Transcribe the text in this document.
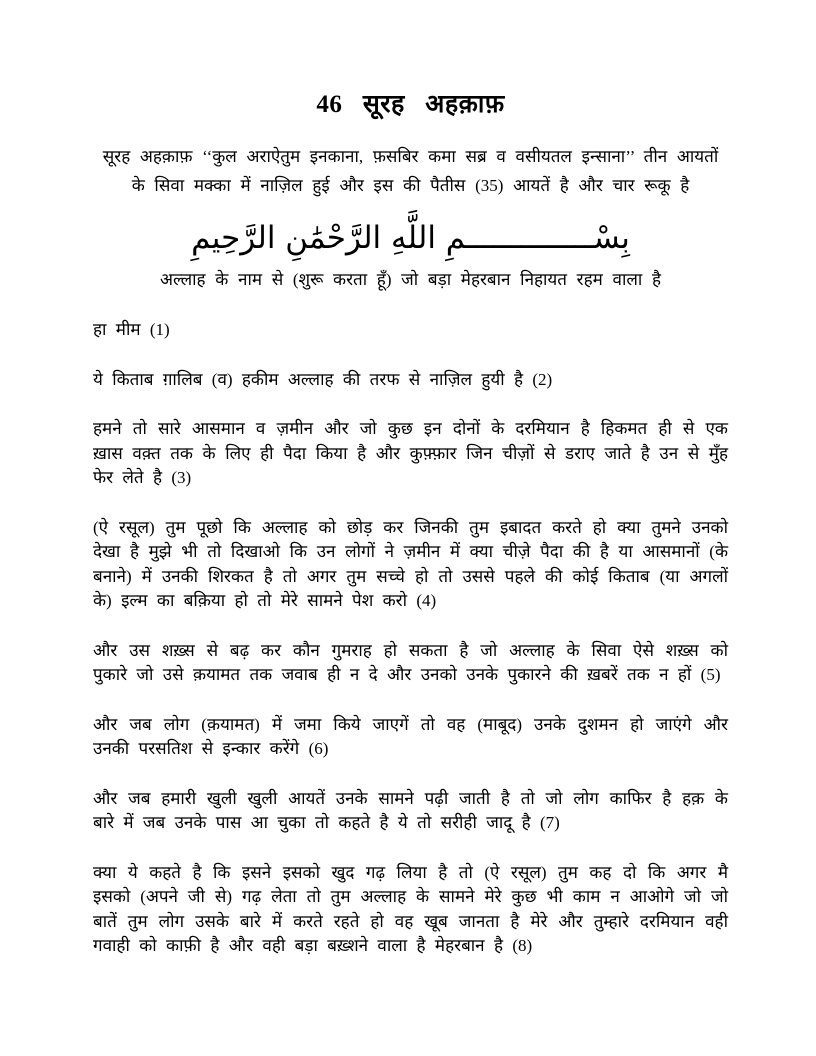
46 सूरह अहक़ाफ़

सूरह अहक़ाफ़ ‘‘कुल अराऐतुम इनकाना, फ़सबिर कमा सब्र व वसीयतल इन्साना’’ तीन आयतों के सिवा मक्का में नाज़िल हुई और इस की पैतीस (35) आयतें है और चार रूकू है

بِسْــــــــــــــمِ اللَّهِ الرَّحْمَٰنِ الرَّحِيمِ

अल्लाह के नाम से (शुरू करता हूँ) जो बड़ा मेहरबान निहायत रहम वाला है

हा मीम (1)

ये किताब ग़ालिब (व) हकीम अल्लाह की तरफ से नाज़िल हुयी है (2)

हमने तो सारे आसमान व ज़मीन और जो कुछ इन दोनों के दरमियान है हिकमत ही से एक ख़ास वक़्त तक के लिए ही पैदा किया है और कुफ़्फ़ार जिन चीज़ों से डराए जाते है उन से मुँह फेर लेते है (3)

(ऐ रसूल) तुम पूछो कि अल्लाह को छोड़ कर जिनकी तुम इबादत करते हो क्या तुमने उनको देखा है मुझे भी तो दिखाओ कि उन लोगों ने ज़मीन में क्या चीज़े पैदा की है या आसमानों (के बनाने) में उनकी शिरकत है तो अगर तुम सच्चे हो तो उससे पहले की कोई किताब (या अगलों के) इल्म का बक़िया हो तो मेरे सामने पेश करो (4)

और उस शख़्स से बढ़ कर कौन गुमराह हो सकता है जो अल्लाह के सिवा ऐसे शख़्स को पुकारे जो उसे क़यामत तक जवाब ही न दे और उनको उनके पुकारने की ख़बरें तक न हों (5)

और जब लोग (क़यामत) में जमा किये जाएगें तो वह (माबूद) उनके दुशमन हो जाएंगे और उनकी परसतिश से इन्कार करेंगे (6)

और जब हमारी खुली खुली आयतें उनके सामने पढ़ी जाती है तो जो लोग काफिर है हक़ के बारे में जब उनके पास आ चुका तो कहते है ये तो सरीही जादू है (7)

क्या ये कहते है कि इसने इसको खुद गढ़ लिया है तो (ऐ रसूल) तुम कह दो कि अगर मै इसको (अपने जी से) गढ़ लेता तो तुम अल्लाह के सामने मेरे कुछ भी काम न आओगे जो जो बातें तुम लोग उसके बारे में करते रहते हो वह खूब जानता है मेरे और तुम्हारे दरमियान वही गवाही को काफ़ी है और वही बड़ा बख़्शने वाला है मेहरबान है (8)
